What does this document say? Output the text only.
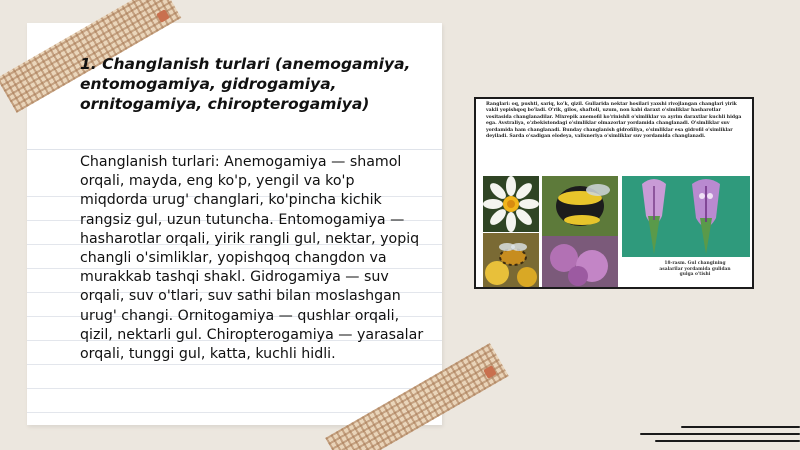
1. Changlanish turlari (anemogamiya, entomogamiya, gidrogamiya, ornitogamiya, chiropterogamiya)

Changlanish turlari: Anemogamiya — shamol orqali, mayda, eng ko'p, yengil va ko'p miqdorda urug' changlari, ko'pincha kichik rangsiz gul, uzun tutuncha. Entomogamiya — hasharotlar orqali, yirik rangli gul, nektar, yopiq changli o'simliklar, yopishqoq changdon va murakkab tashqi shakl. Gidrogamiya — suv orqali, suv o'tlari, suv sathi bilan moslashgan urug' changi. Ornitogamiya — qushlar orqali, qizil, nektarli gul. Chiropterogamiya — yarasalar orqali, tunggi gul, katta, kuchli hidli.

Ranglari: oq, pushti, sariq, ko'k, qizil. Gullarida nektar hosilari yaxshi rivojlangan changlari yirik vakli yopishqoq bo'ladi. O'rik, gilos, shaftoli, uzum, non kabi daraxt o'simliklar hasharotlar vositasida changlanadilar. Mixrepik anemofil ko'rinishli o'simliklar va ayrim daraxtlar kuchli hidga ega. Avstraliya, o'zbekistondagi o'simliklar olmazorlar yordamida changlanadi. O'simliklar suv yordamida ham changlanadi. Bunday changlanish gidrofiliya, o'simliklar esa gidrofil o'simliklar deyiladi. Sarda o'sadigan elodeya, valisneriya o'simliklar suv yordamida changlanadi.
18-rasm. Gul changining asalarilar yordamida gulidan gulga o'tishi
